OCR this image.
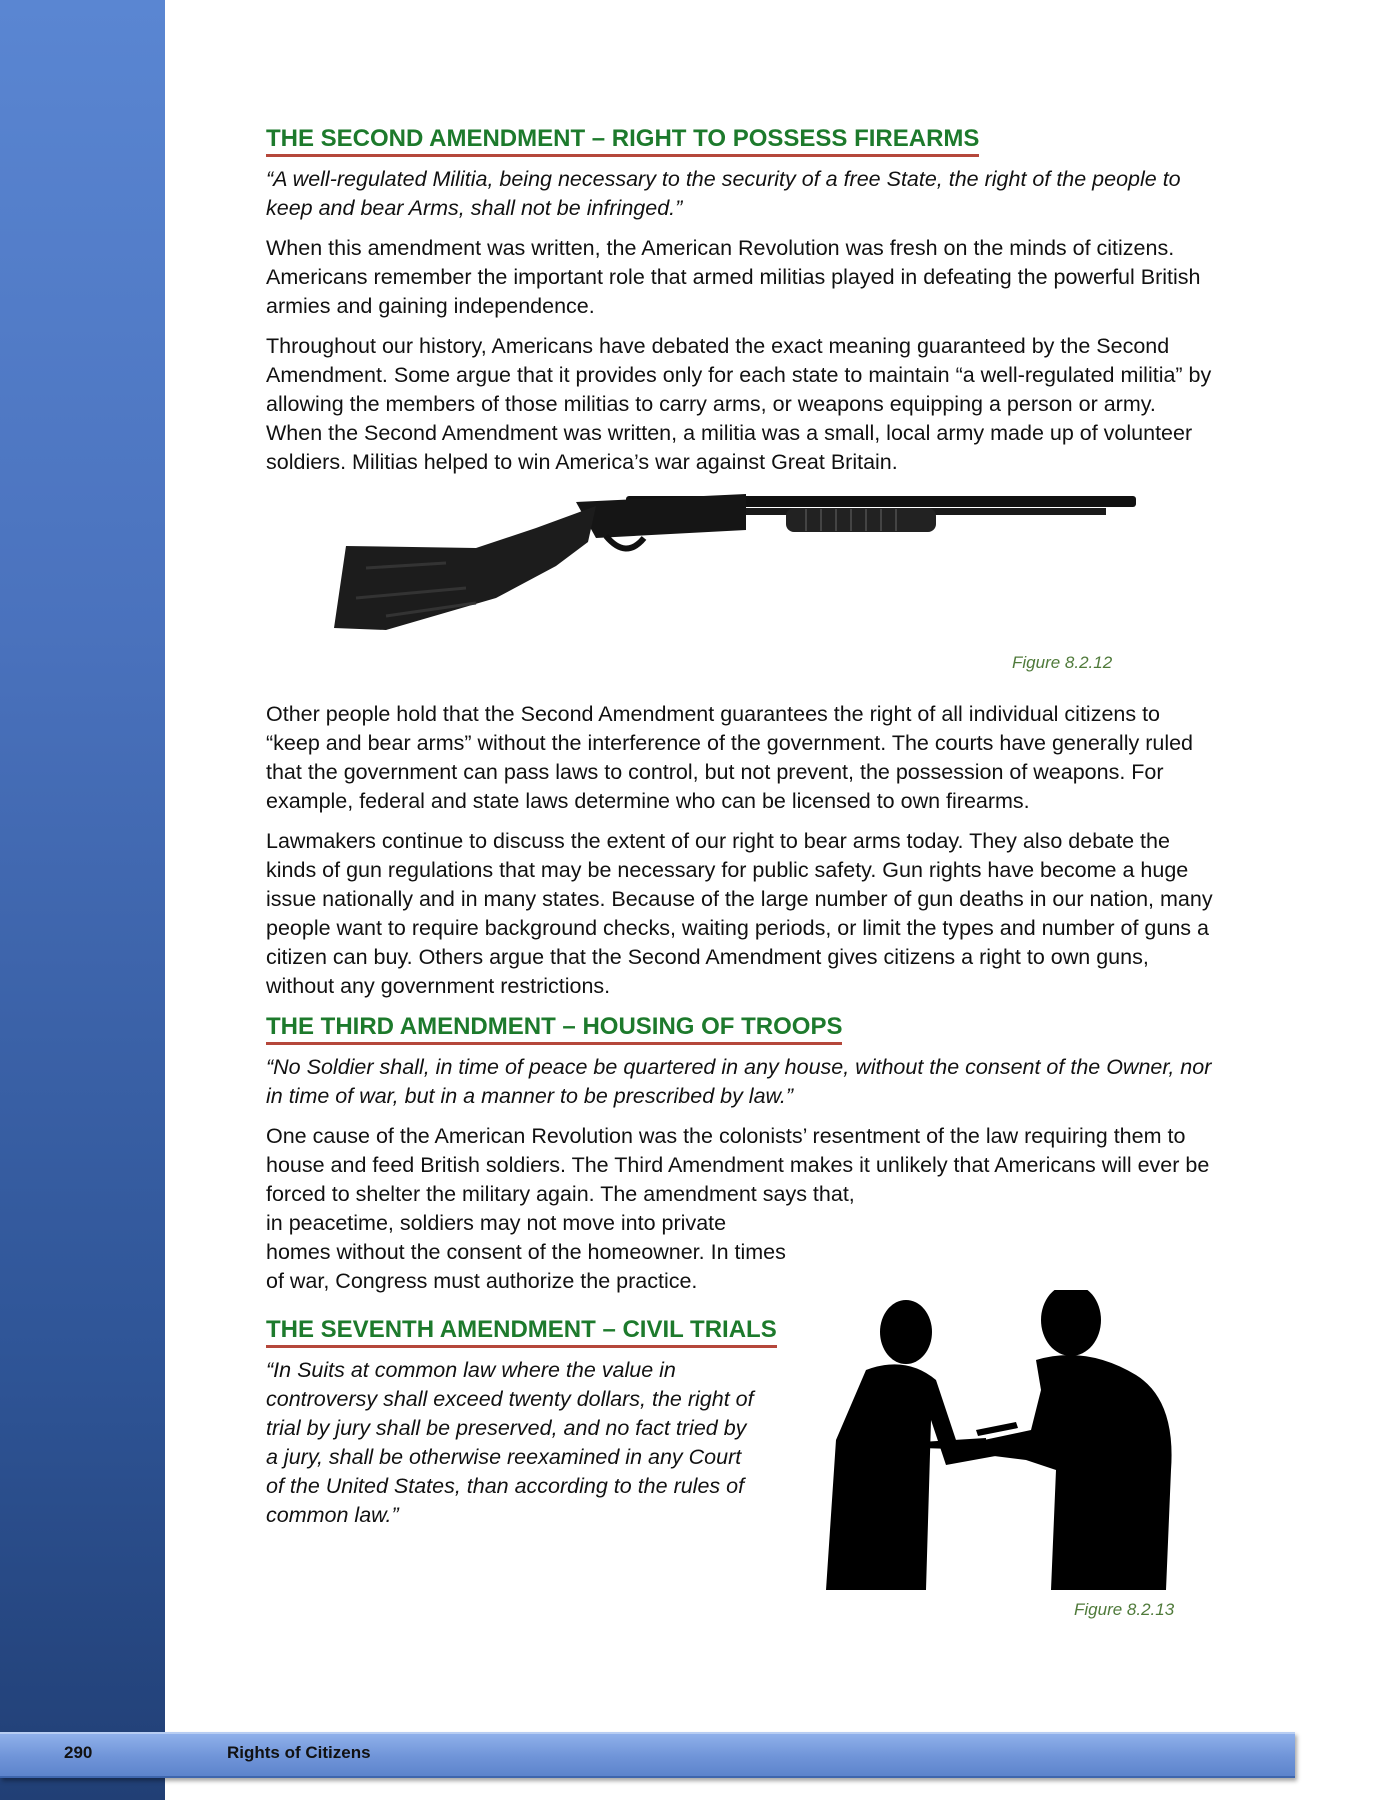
THE SECOND AMENDMENT – RIGHT TO POSSESS FIREARMS

“A well-regulated Militia, being necessary to the security of a free State, the right of the people to keep and bear Arms, shall not be infringed.”

When this amendment was written, the American Revolution was fresh on the minds of citizens. Americans remember the important role that armed militias played in defeating the powerful British armies and gaining independence.

Throughout our history, Americans have debated the exact meaning guaranteed by the Second Amendment. Some argue that it provides only for each state to maintain “a well-regulated militia” by allowing the members of those militias to carry arms, or weapons equipping a person or army. When the Second Amendment was written, a militia was a small, local army made up of volunteer soldiers. Militias helped to win America’s war against Great Britain.

Figure 8.2.12

Other people hold that the Second Amendment guarantees the right of all individual citizens to “keep and bear arms” without the interference of the government. The courts have generally ruled that the government can pass laws to control, but not prevent, the possession of weapons. For example, federal and state laws determine who can be licensed to own firearms.

Lawmakers continue to discuss the extent of our right to bear arms today. They also debate the kinds of gun regulations that may be necessary for public safety. Gun rights have become a huge issue nationally and in many states. Because of the large number of gun deaths in our nation, many people want to require background checks, waiting periods, or limit the types and number of guns a citizen can buy. Others argue that the Second Amendment gives citizens a right to own guns, without any government restrictions.

THE THIRD AMENDMENT – HOUSING OF TROOPS

“No Soldier shall, in time of peace be quartered in any house, without the consent of the Owner, nor in time of war, but in a manner to be prescribed by law.”

One cause of the American Revolution was the colonists’ resentment of the law requiring them to house and feed British soldiers. The Third Amendment makes it unlikely that Americans will ever be forced to shelter the military again. The amendment says that,

in peacetime, soldiers may not move into private homes without the consent of the homeowner. In times of war, Congress must authorize the practice.

THE SEVENTH AMENDMENT – CIVIL TRIALS

“In Suits at common law where the value in controversy shall exceed twenty dollars, the right of trial by jury shall be preserved, and no fact tried by a jury, shall be otherwise reexamined in any Court of the United States, than according to the rules of common law.”

Figure 8.2.13
290	Rights of Citizens
